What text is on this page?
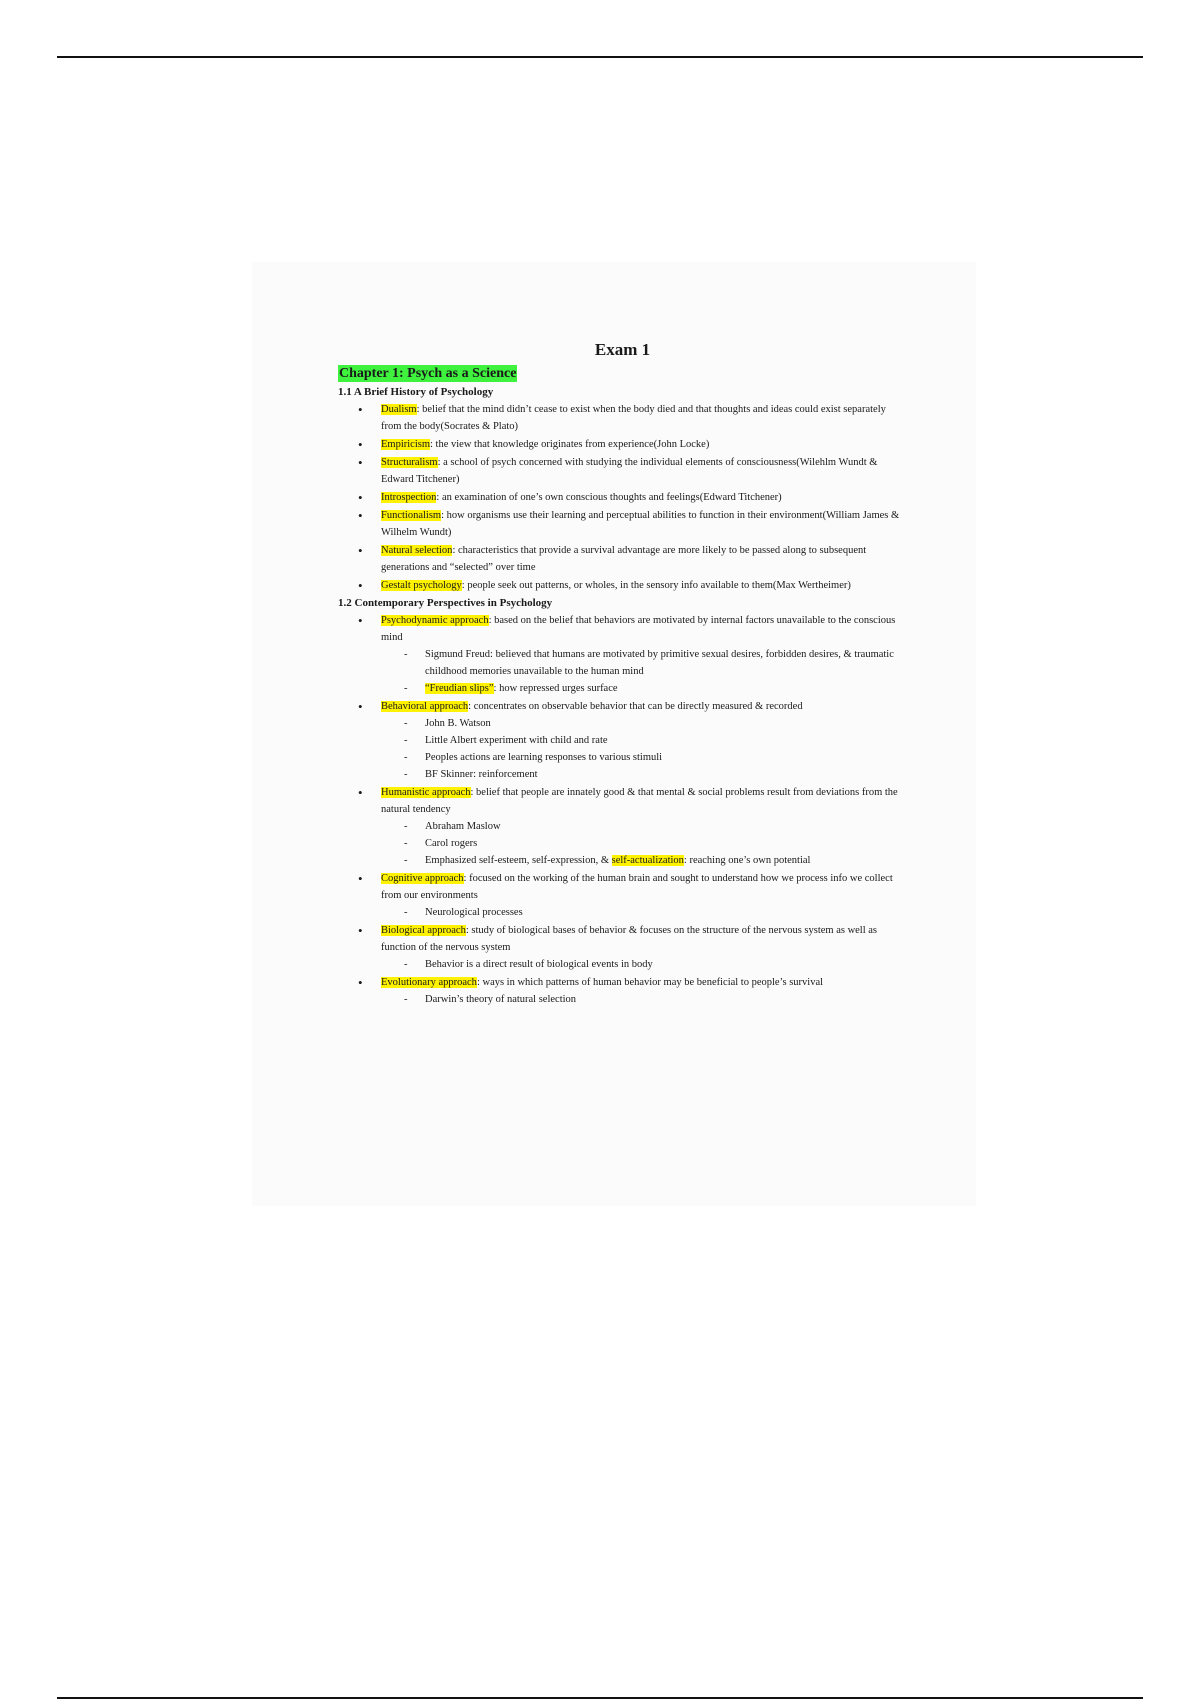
Exam 1
Chapter 1: Psych as a Science
1.1 A Brief History of Psychology
• Dualism: belief that the mind didn’t cease to exist when the body died and that thoughts and ideas could exist separately from the body(Socrates & Plato)
• Empiricism: the view that knowledge originates from experience(John Locke)
• Structuralism: a school of psych concerned with studying the individual elements of consciousness(Wilehlm Wundt & Edward Titchener)
• Introspection: an examination of one’s own conscious thoughts and feelings(Edward Titchener)
• Functionalism: how organisms use their learning and perceptual abilities to function in their environment(William James & Wilhelm Wundt)
• Natural selection: characteristics that provide a survival advantage are more likely to be passed along to subsequent generations and “selected” over time
• Gestalt psychology: people seek out patterns, or wholes, in the sensory info available to them(Max Wertheimer)
1.2 Contemporary Perspectives in Psychology
• Psychodynamic approach: based on the belief that behaviors are motivated by internal factors unavailable to the conscious mind
- Sigmund Freud: believed that humans are motivated by primitive sexual desires, forbidden desires, & traumatic childhood memories unavailable to the human mind
- “Freudian slips”: how repressed urges surface
• Behavioral approach: concentrates on observable behavior that can be directly measured & recorded
- John B. Watson
- Little Albert experiment with child and rate
- Peoples actions are learning responses to various stimuli
- BF Skinner: reinforcement
• Humanistic approach: belief that people are innately good & that mental & social problems result from deviations from the natural tendency
- Abraham Maslow
- Carol rogers
- Emphasized self-esteem, self-expression, & self-actualization: reaching one’s own potential
• Cognitive approach: focused on the working of the human brain and sought to understand how we process info we collect from our environments
- Neurological processes
• Biological approach: study of biological bases of behavior & focuses on the structure of the nervous system as well as function of the nervous system
- Behavior is a direct result of biological events in body
• Evolutionary approach: ways in which patterns of human behavior may be beneficial to people’s survival
- Darwin’s theory of natural selection
